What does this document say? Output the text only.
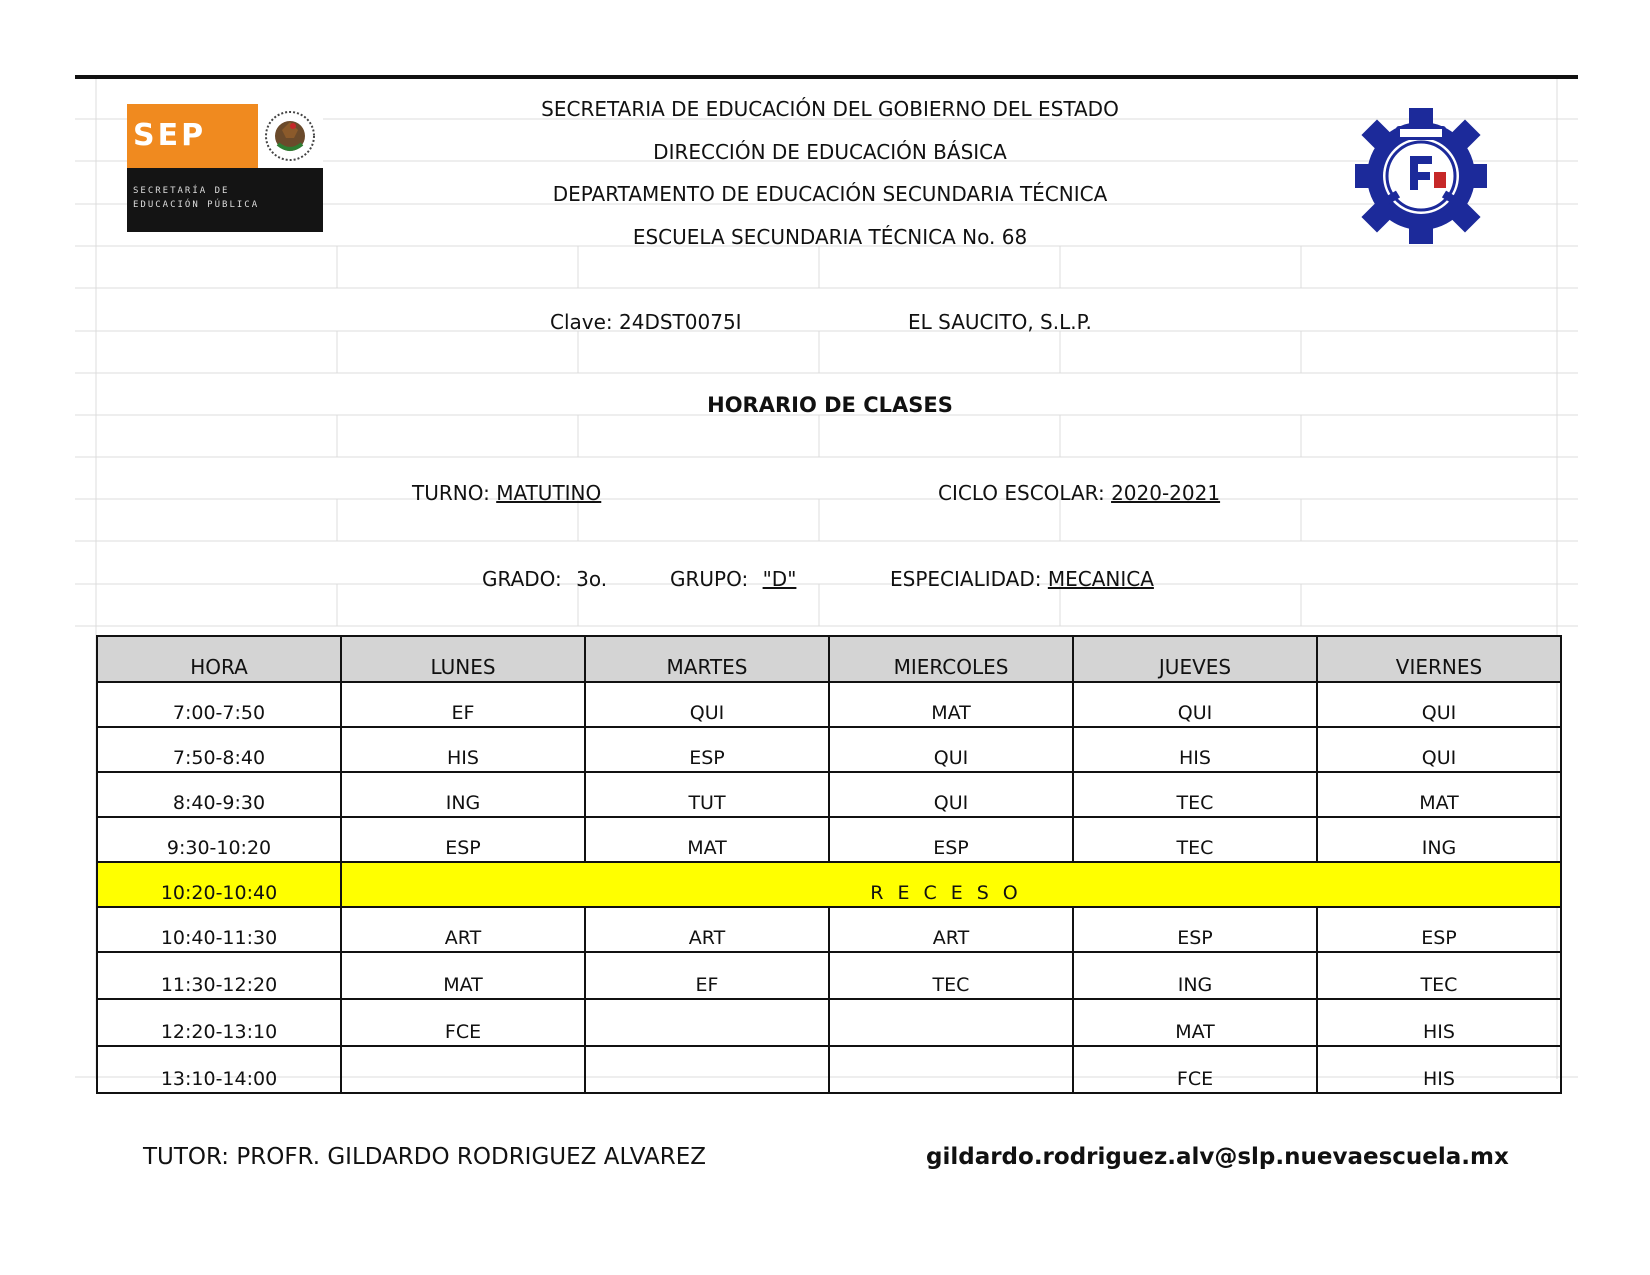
SEP
SECRETARÍA DE
EDUCACIÓN PÚBLICA
SECRETARIA DE EDUCACIÓN DEL GOBIERNO DEL ESTADO
DIRECCIÓN DE EDUCACIÓN BÁSICA
DEPARTAMENTO DE EDUCACIÓN SECUNDARIA TÉCNICA
ESCUELA SECUNDARIA TÉCNICA No. 68
Clave: 24DST0075I	EL SAUCITO, S.L.P.
HORARIO DE CLASES
TURNO: MATUTINO	CICLO ESCOLAR: 2020-2021
GRADO: 3o.	GRUPO: "D"	ESPECIALIDAD: MECANICA
HORA	LUNES	MARTES	MIERCOLES	JUEVES	VIERNES
7:00-7:50	EF	QUI	MAT	QUI	QUI
7:50-8:40	HIS	ESP	QUI	HIS	QUI
8:40-9:30	ING	TUT	QUI	TEC	MAT
9:30-10:20	ESP	MAT	ESP	TEC	ING
10:20-10:40	RECESO				
10:40-11:30	ART	ART	ART	ESP	ESP
11:30-12:20	MAT	EF	TEC	ING	TEC
12:20-13:10	FCE			MAT	HIS
13:10-14:00				FCE	HIS
TUTOR: PROFR. GILDARDO RODRIGUEZ ALVAREZ	gildardo.rodriguez.alv@slp.nuevaescuela.mx
